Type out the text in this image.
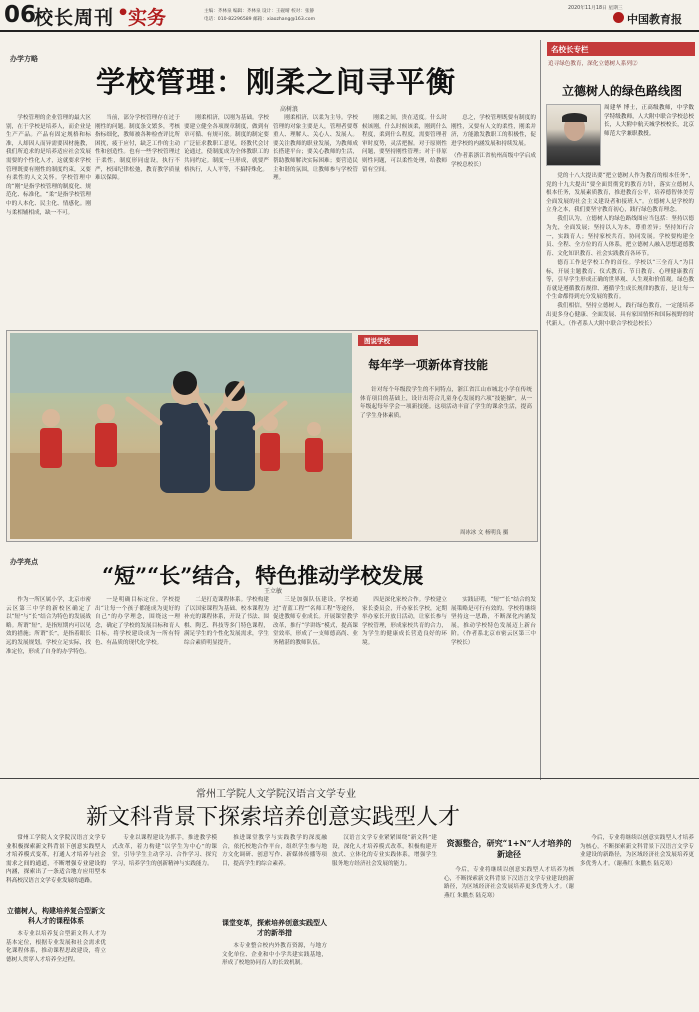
06
校长周刊 •
实务	主编：齐林泉 编辑：齐林泉 设计：王砚晴 校对：张静
电话：010-82296589 邮箱：xiaozhang@163.com
2020年11月18日 星期三
中国教育报
办学方略
学校管理：刚柔之间寻平衡
高树浪

学校管理的企业管理的最大区别，在于学校是培养人，而企业是生产产品。产品有固定规格和标准，人却因人而异需要因材施教，我们所追求的是培养适应社会发展需要的个性化人才，这就要求学校管理既要有刚性的制度约束，又要有柔性的人文关怀。学校管理中的“刚”是指学校管理的制度化、规范化、标准化，“柔”是指学校管理中的人本化、民主化、情感化。刚与柔相辅相成，缺一不可。

当前，部分学校管理存在过于刚性的问题。制度条文繁多，考核指标细化，教师被各种检查评比所困扰，疲于应付，缺乏工作的主动性和创造性。也有一些学校管理过于柔性，制度形同虚设，执行不严，校园纪律松弛，教育教学质量难以保障。

刚柔相济，以刚为基础。学校要建立健全各项规章制度，做到有章可循、有规可依。制度的制定要广泛征求教职工意见，经教代会讨论通过，使制度成为全体教职工的共同约定。制度一旦形成，就要严格执行，人人平等，不搞特殊化。

刚柔相济，以柔为主导。学校管理的对象主要是人，管理者要尊重人、理解人、关心人、发展人。要关注教师的职业发展，为教师成长搭建平台；要关心教师的生活，帮助教师解决实际困难；要营造民主和谐的氛围，让教师参与学校管理。

刚柔之间，贵在适度。什么时候该刚，什么时候该柔，刚到什么程度，柔到什么程度，需要管理者审时度势，灵活把握。对于原则性问题，要坚持刚性管理；对于非原则性问题，可以柔性处理，给教师留有空间。

总之，学校管理既要有制度的刚性，又要有人文的柔性，刚柔并济，方能激发教职工的积极性，促进学校的内涵发展和持续发展。

（作者系浙江省杭州高级中学启成学校总校长）

名校长专栏
追寻绿色教育，深化立德树人系列②
立德树人的绿色路线图

周建华 博士，正高级教师，中学数学特级教师，人大附中联合学校总校长，人大附中航天城学校校长，北京师范大学兼职教授。

党的十八大提出要“把立德树人作为教育的根本任务”，党的十九大提出“要全面贯彻党的教育方针，落实立德树人根本任务，发展素质教育，推进教育公平，培养德智体美劳全面发展的社会主义建设者和接班人”。立德树人是学校的立身之本，我们要坚守教育初心，践行绿色教育理念。

我们认为，立德树人的绿色路线图应当包括：坚持以德为先，全面发展；坚持以人为本，尊重差异；坚持知行合一，实践育人；坚持家校共育，协同发展。学校要构建全员、全程、全方位的育人体系，把立德树人融入思想道德教育、文化知识教育、社会实践教育各环节。

德育工作是学校工作的首位。学校以“三全育人”为目标，开展主题教育、仪式教育、节日教育、心理健康教育等，引导学生形成正确的世界观、人生观和价值观。绿色教育就是遵循教育规律、遵循学生成长规律的教育，是让每一个生命都得到充分发展的教育。

我们相信，坚持立德树人，践行绿色教育，一定能培养出更多身心健康、全面发展、具有家国情怀和国际视野的时代新人。（作者系人大附中联合学校总校长）

图说学校
每年学一项新体育技能

针对每个年级段学生的不同特点，浙江省江山市城北小学在传统体育项目的基础上，设计出符合儿童身心发展的六项“技能操”，从一年级起每年学会一项新技能。这项活动丰富了学生的课余生活，提高了学生身体素质。

周冰冰 文 杨明良 摄
办学亮点
“短”“长”结合，特色推动学校发展
王立敏

作为一所区属小学，北京市密云区第三中学的新校区确定了以“短”与“长”结合为特色的发展战略。所谓“短”，是指短期内可以见效的措施；所谓“长”，是指着眼长远的发展规划。学校立足实际，找准定位，形成了自身的办学特色。

一是明确目标定位。学校提出“让每一个孩子都能成为更好的自己”的办学理念，围绕这一理念，确定了学校的发展目标和育人目标，将学校建设成为一所有特色、有品质的现代化学校。

二是打造课程体系。学校构建了以国家课程为基础、校本课程为补充的课程体系，开设了书法、围棋、陶艺、科技等多门特色课程，满足学生的个性化发展需求，学生综合素质明显提升。

三是加强队伍建设。学校通过“青蓝工程”“名师工程”等途径，促进教师专业成长。开展课堂教学改革，推行“学讲练”模式，提高课堂效率，形成了一支师德高尚、业务精湛的教师队伍。

四是深化家校合作。学校建立家长委员会，开办家长学校，定期举办家长开放日活动，让家长参与学校管理，形成家校共育的合力，为学生的健康成长营造良好的环境。

实践证明，“短”“长”结合的发展策略是可行有效的。学校将继续坚持这一思路，不断深化内涵发展，推动学校特色发展迈上新台阶。（作者系北京市密云区第三中学校长）

常州工学院人文学院汉语言文学专业
新文科背景下探索培养创意实践型人才

常州工学院人文学院汉语言文学专业积极探索新文科背景下创意实践型人才培养模式变革，打通人才培养与社会需求之间的通道，不断增强专业建设的内涵，探索出了一条适合地方应用型本科高校汉语言文学专业发展的道路。

立德树人，构建培养复合型新文科人才的课程体系

本专业以培养复合型新文科人才为基本定位，根据专业发展和社会需求优化课程体系，推动课程思政建设，将立德树人贯穿人才培养全过程。

专业以课程建设为抓手，推进教学模式改革，着力构建“以学生为中心”的课堂，引导学生主动学习、合作学习、探究学习，培养学生的创新精神与实践能力。

推进课堂教学与实践教学的深度融合，依托校地合作平台，组织学生参与地方文化调研、创意写作、新媒体传播等项目，提高学生的综合素养。

课堂变革，探索培养创意实践型人才的新举措

本专业整合校内外教育资源，与地方文化单位、企业和中小学共建实践基地，形成了校地协同育人的长效机制。

汉语言文学专业紧紧围绕“新文科”建设，深化人才培养模式改革，积极构建开放式、立体化的专业实践体系，增强学生服务地方经济社会发展的能力。

资源整合，研究“1+N”人才培养的新途径

今后，专业将继续以创意实践型人才培养为核心，不断探索新文科背景下汉语言文学专业建设的新路径，为区域经济社会发展培养更多优秀人才。（谢燕红 朱鹏杰 陆克寒）

今后，专业将继续以创意实践型人才培养为核心，不断探索新文科背景下汉语言文学专业建设的新路径，为区域经济社会发展培养更多优秀人才。（谢燕红 朱鹏杰 陆克寒）
